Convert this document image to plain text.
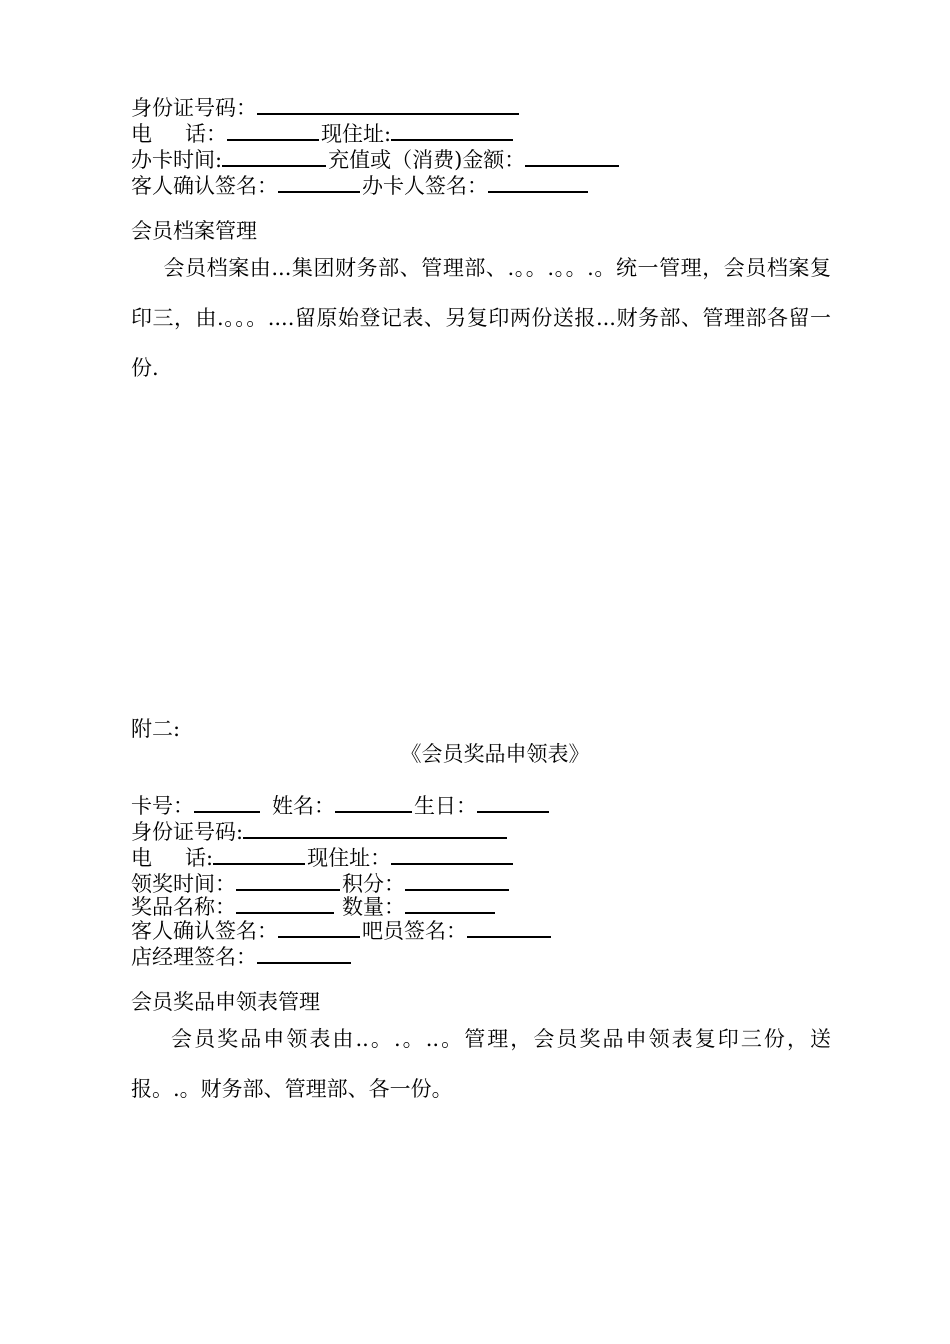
身份证号码：
电 话：	现住址:
办卡时间:	充值或（消费)金额：
客人确认签名：	办卡人签名：
会员档案管理
会员档案由...集团财务部、管理部、.。。.。。.。统一管理，会员档案复印三，由.。。。....留原始登记表、另复印两份送报...财务部、管理部各留一份.
附二:
《会员奖品申领表》
卡号：	姓名：	生日：
身份证号码:
电 话:	现住址：
领奖时间：	积分：
奖品名称：	数量：
客人确认签名：	吧员签名：
店经理签名：
会员奖品申领表管理
会员奖品申领表由..。.。..。管理，会员奖品申领表复印三份，送报。.。财务部、管理部、各一份。
